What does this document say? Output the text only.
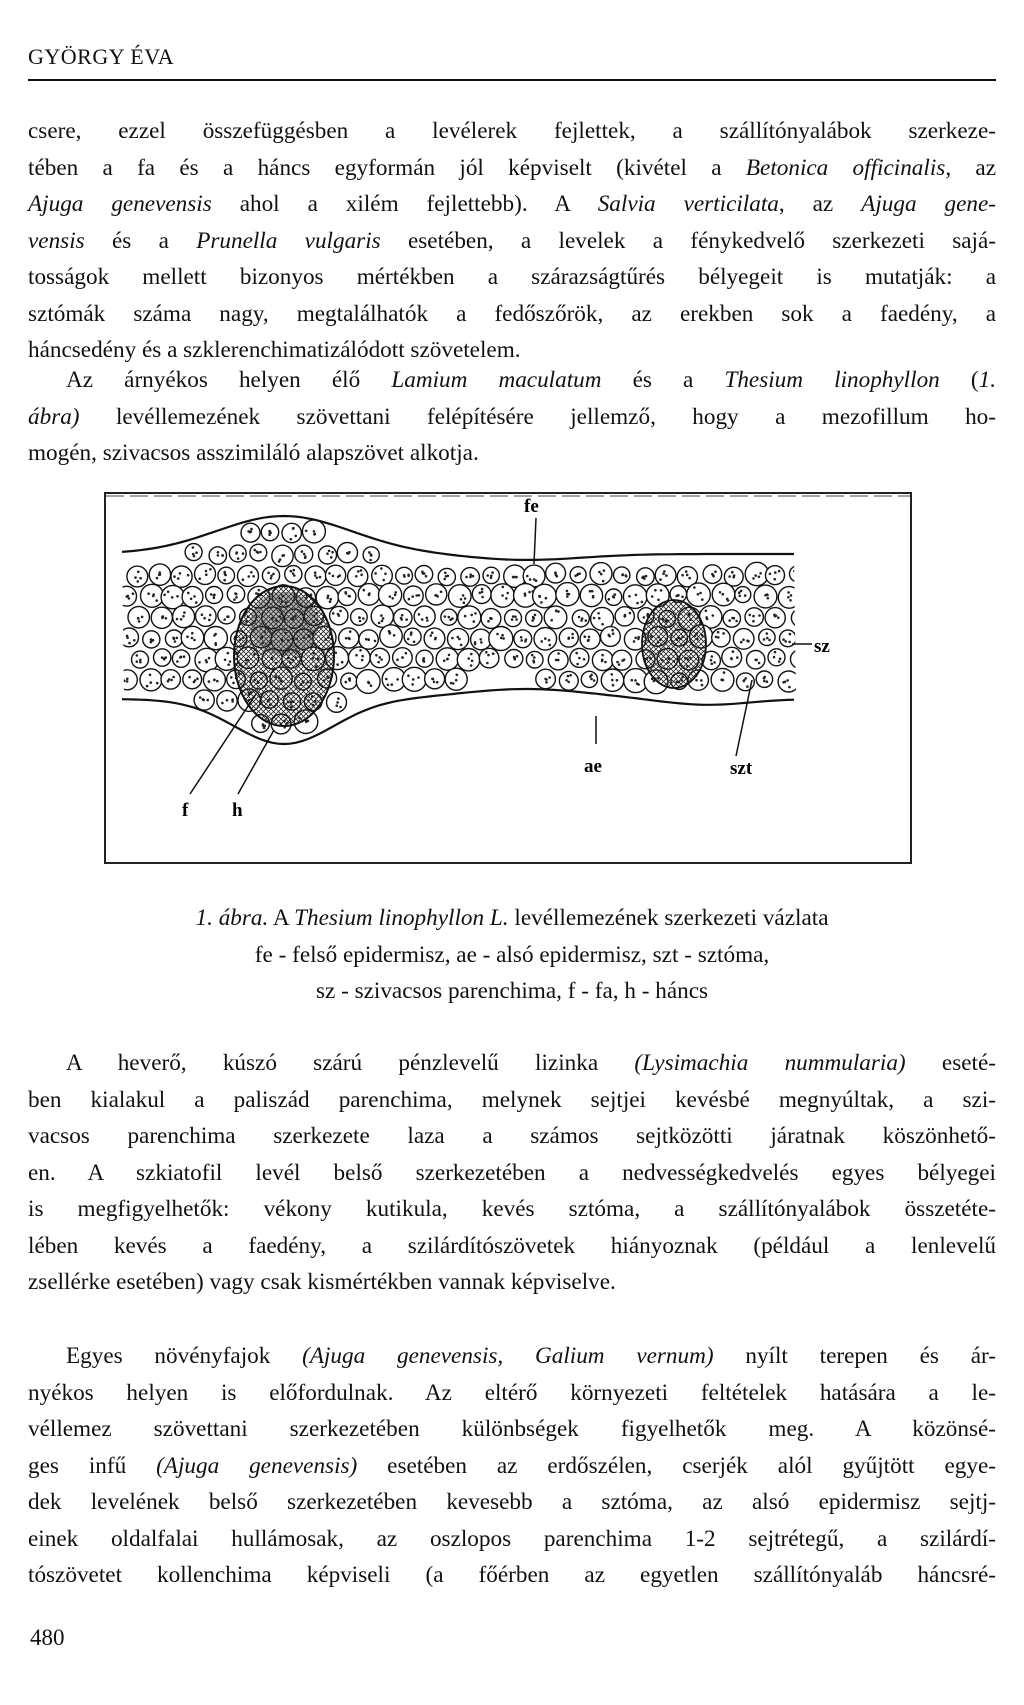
GYÖRGY ÉVA
csere, ezzel összefüggésben a levélerek fejlettek, a szállítónyalábok szerkeze-
tében a fa és a háncs egyformán jól képviselt (kivétel a Betonica officinalis, az
Ajuga genevensis ahol a xilém fejlettebb). A Salvia verticilata, az Ajuga gene-
vensis és a Prunella vulgaris esetében, a levelek a fénykedvelő szerkezeti sajá-
tosságok mellett bizonyos mértékben a szárazságtűrés bélyegeit is mutatják: a
sztómák száma nagy, megtalálhatók a fedőszőrök, az erekben sok a faedény, a
háncsedény és a szklerenchimatizálódott szövetelem.
Az árnyékos helyen élő Lamium maculatum és a Thesium linophyllon (1.
ábra) levéllemezének szövettani felépítésére jellemző, hogy a mezofillum ho-
mogén, szivacsos asszimiláló alapszövet alkotja.
fe
sz
ae	szt
f h
1. ábra. A Thesium linophyllon L. levéllemezének szerkezeti vázlata
fe - felső epidermisz, ae - alsó epidermisz, szt - sztóma,
sz - szivacsos parenchima, f - fa, h - háncs
A heverő, kúszó szárú pénzlevelű lizinka (Lysimachia nummularia) eseté-
ben kialakul a paliszád parenchima, melynek sejtjei kevésbé megnyúltak, a szi-
vacsos parenchima szerkezete laza a számos sejtközötti járatnak köszönhető-
en. A szkiatofil levél belső szerkezetében a nedvességkedvelés egyes bélyegei
is megfigyelhetők: vékony kutikula, kevés sztóma, a szállítónyalábok összetéte-
lében kevés a faedény, a szilárdítószövetek hiányoznak (például a lenlevelű
zsellérke esetében) vagy csak kismértékben vannak képviselve.
Egyes növényfajok (Ajuga genevensis, Galium vernum) nyílt terepen és ár-
nyékos helyen is előfordulnak. Az eltérő környezeti feltételek hatására a le-
véllemez szövettani szerkezetében különbségek figyelhetők meg. A közönsé-
ges infű (Ajuga genevensis) esetében az erdőszélen, cserjék alól gyűjtött egye-
dek levelének belső szerkezetében kevesebb a sztóma, az alsó epidermisz sejtj-
einek oldalfalai hullámosak, az oszlopos parenchima 1-2 sejtrétegű, a szilárdí-
tószövetet kollenchima képviseli (a főérben az egyetlen szállítónyaláb háncsré-
480
